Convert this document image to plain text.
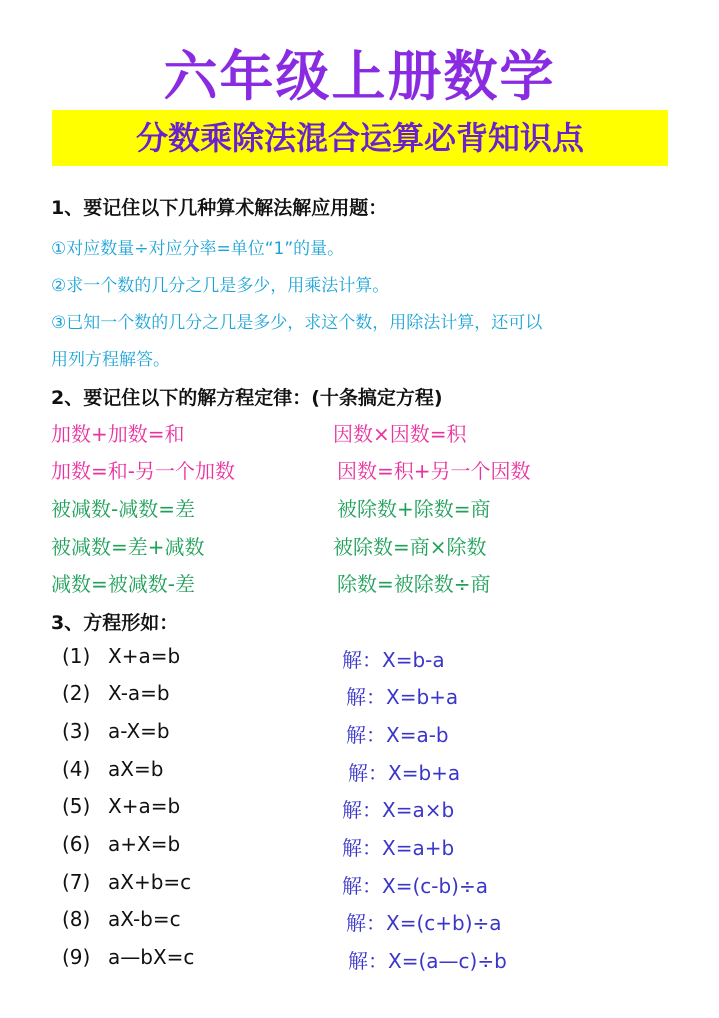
六年级上册数学
分数乘除法混合运算必背知识点
1、要记住以下几种算术解法解应用题：
①对应数量÷对应分率=单位“1”的量。
②求一个数的几分之几是多少，用乘法计算。
③已知一个数的几分之几是多少，求这个数，用除法计算，还可以
用列方程解答。
2、要记住以下的解方程定律：(十条搞定方程)
加数+加数=和	因数×因数=积
加数=和-另一个加数	因数=积+另一个因数
被减数-减数=差	被除数+除数=商
被减数=差+减数	被除数=商×除数
减数=被减数-差	除数=被除数÷商
3、方程形如：
(1) X+a=b	解：X=b-a
(2) X-a=b	解：X=b+a
(3) a-X=b	解：X=a-b
(4) aX=b	解：X=b+a
(5) X+a=b	解：X=a×b
(6) a+X=b	解：X=a+b
(7) aX+b=c	解：X=(c-b)÷a
(8) aX-b=c	解：X=(c+b)÷a
(9) a—bX=c	解：X=(a—c)÷b
